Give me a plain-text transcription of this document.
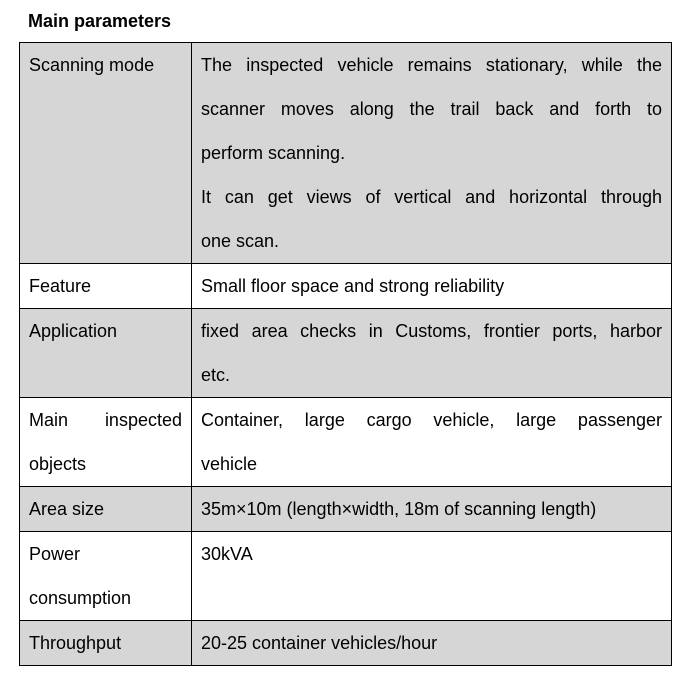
Main parameters
Scanning mode	The inspected vehicle remains stationary, while the
scanner moves along the trail back and forth to
perform scanning.
It can get views of vertical and horizontal through
one scan.

Feature	Small floor space and strong reliability

Application	fixed area checks in Customs, frontier ports, harbor
etc.

Main inspected
objects	Container, large cargo vehicle, large passenger
vehicle

Area size	35m×10m (length×width, 18m of scanning length)

Power
consumption	30kVA

Throughput	20-25 container vehicles/hour
